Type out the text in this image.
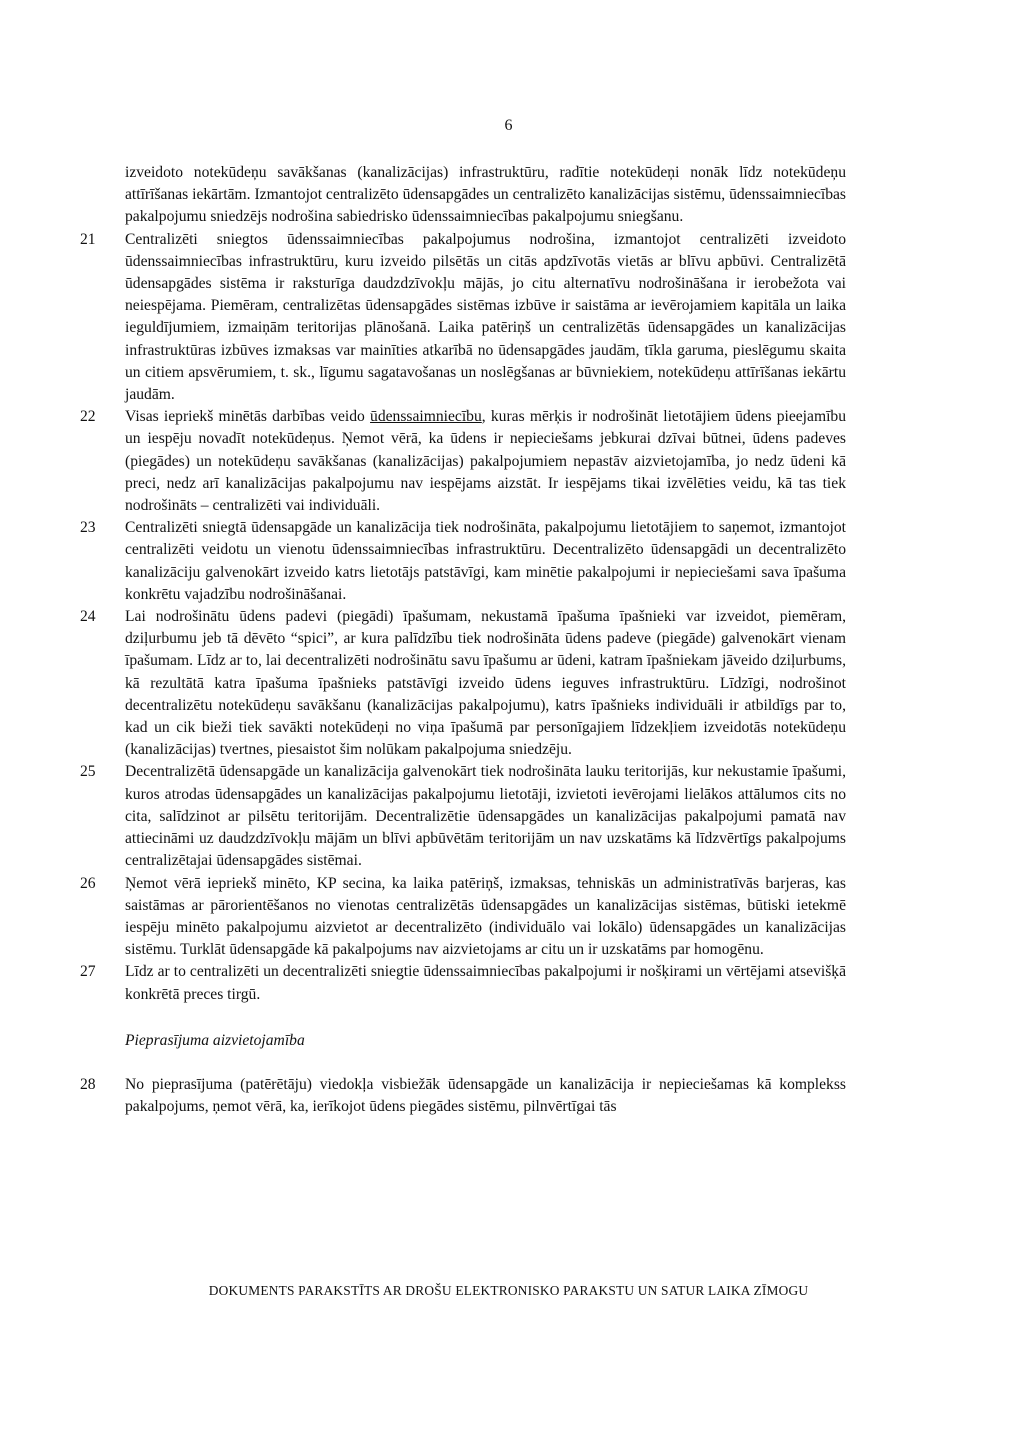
6
izveidoto notekūdeņu savākšanas (kanalizācijas) infrastruktūru, radītie notekūdeņi nonāk līdz notekūdeņu attīrīšanas iekārtām. Izmantojot centralizēto ūdensapgādes un centralizēto kanalizācijas sistēmu, ūdenssaimniecības pakalpojumu sniedzējs nodrošina sabiedrisko ūdenssaimniecības pakalpojumu sniegšanu.
21 Centralizēti sniegtos ūdenssaimniecības pakalpojumus nodrošina, izmantojot centralizēti izveidoto ūdenssaimniecības infrastruktūru, kuru izveido pilsētās un citās apdzīvotās vietās ar blīvu apbūvi. Centralizētā ūdensapgādes sistēma ir raksturīga daudzdzīvokļu mājās, jo citu alternatīvu nodrošināšana ir ierobežota vai neiespējama. Piemēram, centralizētas ūdensapgādes sistēmas izbūve ir saistāma ar ievērojamiem kapitāla un laika ieguldījumiem, izmaiņām teritorijas plānošanā. Laika patēriņš un centralizētās ūdensapgādes un kanalizācijas infrastruktūras izbūves izmaksas var mainīties atkarībā no ūdensapgādes jaudām, tīkla garuma, pieslēgumu skaita un citiem apsvērumiem, t. sk., līgumu sagatavošanas un noslēgšanas ar būvniekiem, notekūdeņu attīrīšanas iekārtu jaudām.
22 Visas iepriekš minētās darbības veido ūdenssaimniecību, kuras mērķis ir nodrošināt lietotājiem ūdens pieejamību un iespēju novadīt notekūdeņus. Ņemot vērā, ka ūdens ir nepieciešams jebkurai dzīvai būtnei, ūdens padeves (piegādes) un notekūdeņu savākšanas (kanalizācijas) pakalpojumiem nepastāv aizvietojamība, jo nedz ūdeni kā preci, nedz arī kanalizācijas pakalpojumu nav iespējams aizstāt. Ir iespējams tikai izvēlēties veidu, kā tas tiek nodrošināts – centralizēti vai individuāli.
23 Centralizēti sniegtā ūdensapgāde un kanalizācija tiek nodrošināta, pakalpojumu lietotājiem to saņemot, izmantojot centralizēti veidotu un vienotu ūdenssaimniecības infrastruktūru. Decentralizēto ūdensapgādi un decentralizēto kanalizāciju galvenokārt izveido katrs lietotājs patstāvīgi, kam minētie pakalpojumi ir nepieciešami sava īpašuma konkrētu vajadzību nodrošināšanai.
24 Lai nodrošinātu ūdens padevi (piegādi) īpašumam, nekustamā īpašuma īpašnieki var izveidot, piemēram, dziļurbumu jeb tā dēvēto “spici”, ar kura palīdzību tiek nodrošināta ūdens padeve (piegāde) galvenokārt vienam īpašumam. Līdz ar to, lai decentralizēti nodrošinātu savu īpašumu ar ūdeni, katram īpašniekam jāveido dziļurbums, kā rezultātā katra īpašuma īpašnieks patstāvīgi izveido ūdens ieguves infrastruktūru. Līdzīgi, nodrošinot decentralizētu notekūdeņu savākšanu (kanalizācijas pakalpojumu), katrs īpašnieks individuāli ir atbildīgs par to, kad un cik bieži tiek savākti notekūdeņi no viņa īpašumā par personīgajiem līdzekļiem izveidotās notekūdeņu (kanalizācijas) tvertnes, piesaistot šim nolūkam pakalpojuma sniedzēju.
25 Decentralizētā ūdensapgāde un kanalizācija galvenokārt tiek nodrošināta lauku teritorijās, kur nekustamie īpašumi, kuros atrodas ūdensapgādes un kanalizācijas pakalpojumu lietotāji, izvietoti ievērojami lielākos attālumos cits no cita, salīdzinot ar pilsētu teritorijām. Decentralizētie ūdensapgādes un kanalizācijas pakalpojumi pamatā nav attiecināmi uz daudzdzīvokļu mājām un blīvi apbūvētām teritorijām un nav uzskatāms kā līdzvērtīgs pakalpojums centralizētajai ūdensapgādes sistēmai.
26 Ņemot vērā iepriekš minēto, KP secina, ka laika patēriņš, izmaksas, tehniskās un administratīvās barjeras, kas saistāmas ar pārorientēšanos no vienotas centralizētās ūdensapgādes un kanalizācijas sistēmas, būtiski ietekmē iespēju minēto pakalpojumu aizvietot ar decentralizēto (individuālo vai lokālo) ūdensapgādes un kanalizācijas sistēmu. Turklāt ūdensapgāde kā pakalpojums nav aizvietojams ar citu un ir uzskatāms par homogēnu.
27 Līdz ar to centralizēti un decentralizēti sniegtie ūdenssaimniecības pakalpojumi ir nošķirami un vērtējami atsevišķā konkrētā preces tirgū.
Pieprasījuma aizvietojamība
28 No pieprasījuma (patērētāju) viedokļa visbiežāk ūdensapgāde un kanalizācija ir nepieciešamas kā komplekss pakalpojums, ņemot vērā, ka, ierīkojot ūdens piegādes sistēmu, pilnvērtīgai tās
DOKUMENTS PARAKSTĪTS AR DROŠU ELEKTRONISKO PARAKSTU UN SATUR LAIKA ZĪMOGU
